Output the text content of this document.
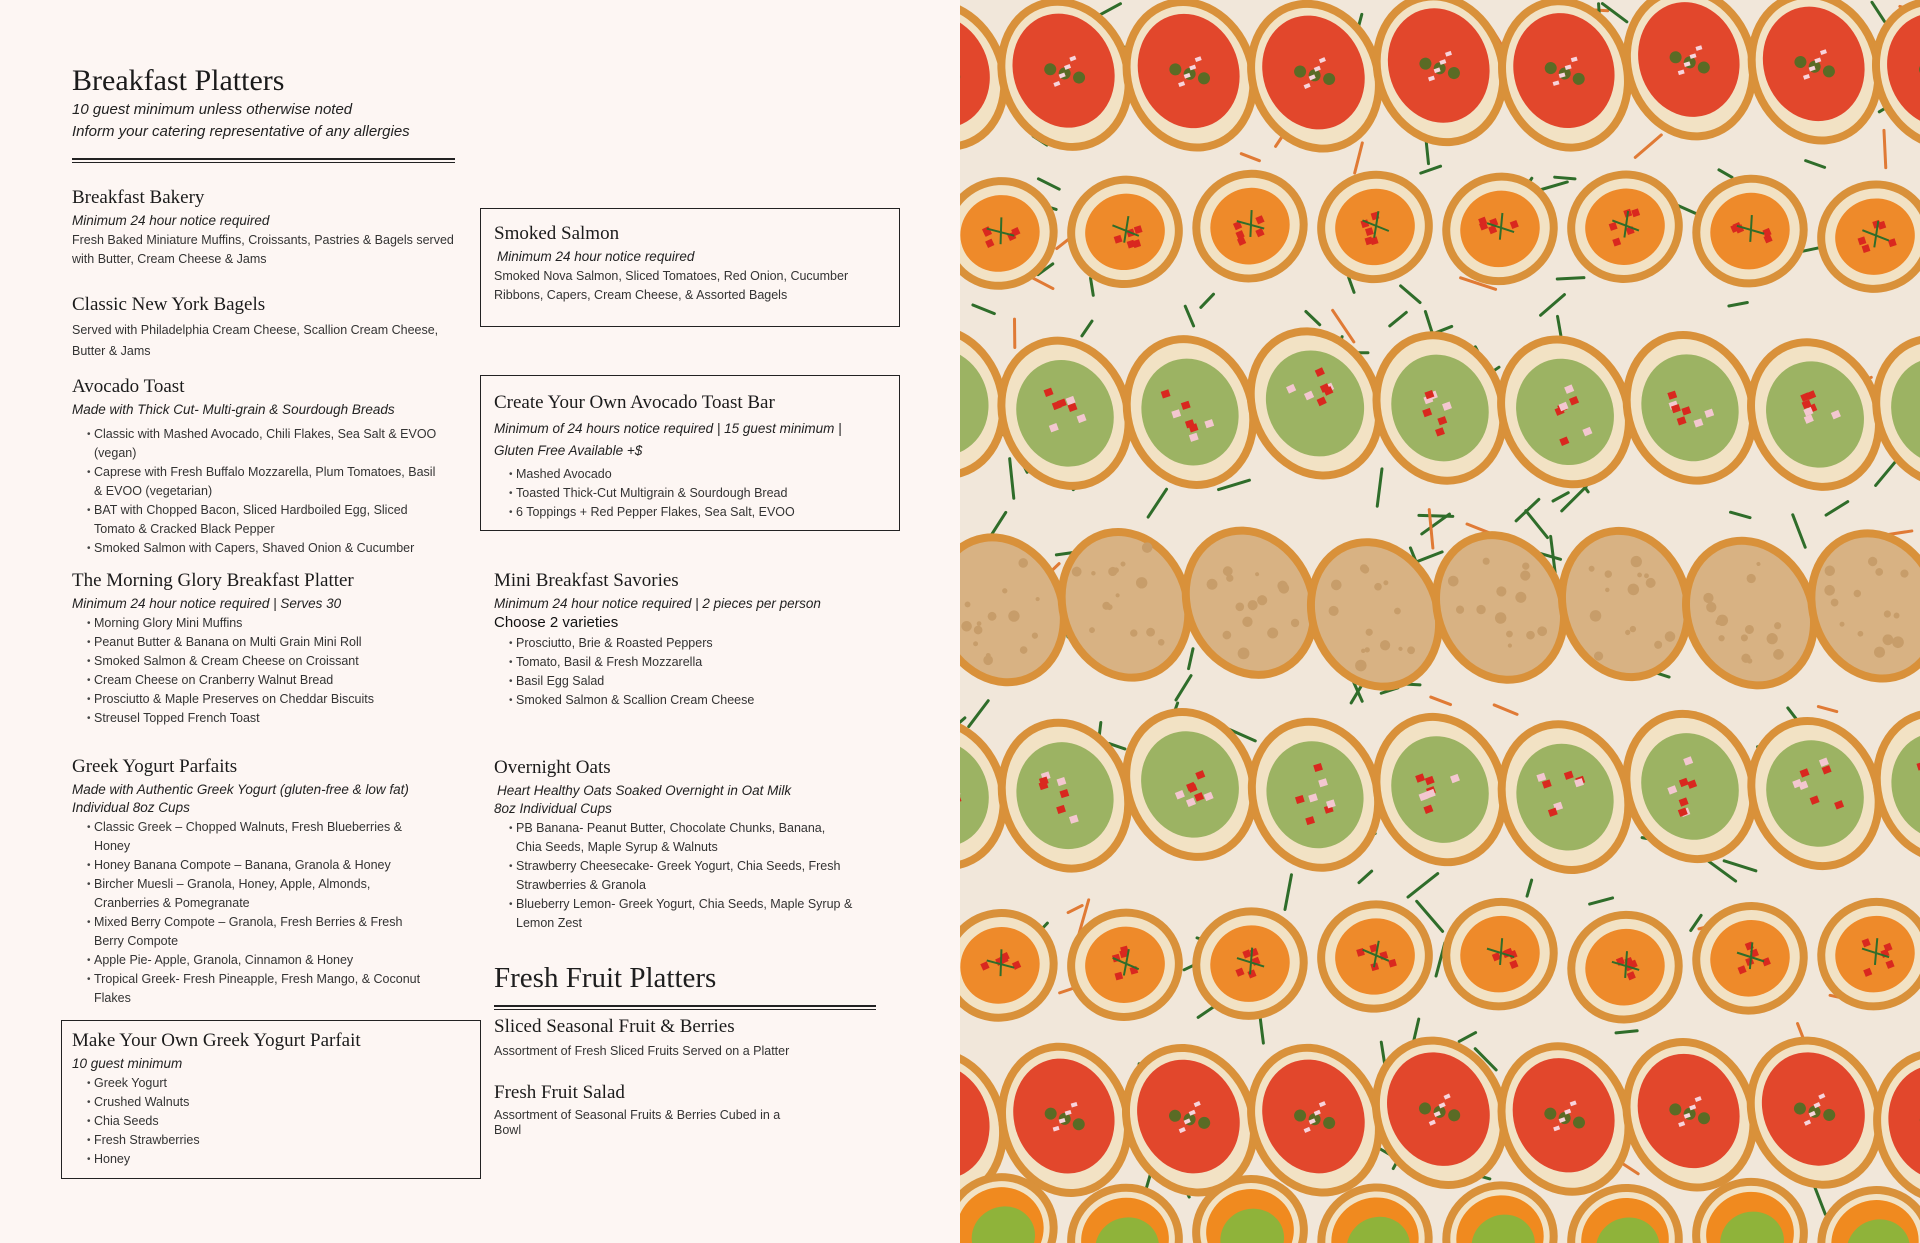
Breakfast Platters

10 guest minimum unless otherwise noted

Inform your catering representative of any allergies

Breakfast Bakery

Minimum 24 hour notice required

Fresh Baked Miniature Muffins, Croissants, Pastries & Bagels served with Butter, Cream Cheese & Jams

Classic New York Bagels

Served with Philadelphia Cream Cheese, Scallion Cream Cheese, Butter & Jams

Avocado Toast

Made with Thick Cut- Multi-grain & Sourdough Breads

• Classic with Mashed Avocado, Chili Flakes, Sea Salt & EVOO (vegan)
• Caprese with Fresh Buffalo Mozzarella, Plum Tomatoes, Basil & EVOO (vegetarian)
• BAT with Chopped Bacon, Sliced Hardboiled Egg, Sliced Tomato & Cracked Black Pepper
• Smoked Salmon with Capers, Shaved Onion & Cucumber
The Morning Glory Breakfast Platter

Minimum 24 hour notice required | Serves 30

• Morning Glory Mini Muffins
• Peanut Butter & Banana on Multi Grain Mini Roll
• Smoked Salmon & Cream Cheese on Croissant
• Cream Cheese on Cranberry Walnut Bread
• Prosciutto & Maple Preserves on Cheddar Biscuits
• Streusel Topped French Toast
Greek Yogurt Parfaits

Made with Authentic Greek Yogurt (gluten-free & low fat)

Individual 8oz Cups

• Classic Greek – Chopped Walnuts, Fresh Blueberries & Honey
• Honey Banana Compote – Banana, Granola & Honey
• Bircher Muesli – Granola, Honey, Apple, Almonds, Cranberries & Pomegranate
• Mixed Berry Compote – Granola, Fresh Berries & Fresh Berry Compote
• Apple Pie- Apple, Granola, Cinnamon & Honey
• Tropical Greek- Fresh Pineapple, Fresh Mango, & Coconut Flakes
Make Your Own Greek Yogurt Parfait

10 guest minimum

• Greek Yogurt
• Crushed Walnuts
• Chia Seeds
• Fresh Strawberries
• Honey
Smoked Salmon

Minimum 24 hour notice required

Smoked Nova Salmon, Sliced Tomatoes, Red Onion, Cucumber Ribbons, Capers, Cream Cheese, & Assorted Bagels

Create Your Own Avocado Toast Bar

Minimum of 24 hours notice required | 15 guest minimum | Gluten Free Available +$

• Mashed Avocado
• Toasted Thick-Cut Multigrain & Sourdough Bread
• 6 Toppings + Red Pepper Flakes, Sea Salt, EVOO
Mini Breakfast Savories

Minimum 24 hour notice required | 2 pieces per person

Choose 2 varieties

• Prosciutto, Brie & Roasted Peppers
• Tomato, Basil & Fresh Mozzarella
• Basil Egg Salad
• Smoked Salmon & Scallion Cream Cheese
Overnight Oats

Heart Healthy Oats Soaked Overnight in Oat Milk

8oz Individual Cups

• PB Banana- Peanut Butter, Chocolate Chunks, Banana, Chia Seeds, Maple Syrup & Walnuts
• Strawberry Cheesecake- Greek Yogurt, Chia Seeds, Fresh Strawberries & Granola
• Blueberry Lemon- Greek Yogurt, Chia Seeds, Maple Syrup & Lemon Zest
Fresh Fruit Platters
Sliced Seasonal Fruit & Berries

Assortment of Fresh Sliced Fruits Served on a Platter

Fresh Fruit Salad

Assortment of Seasonal Fruits & Berries Cubed in a Bowl
